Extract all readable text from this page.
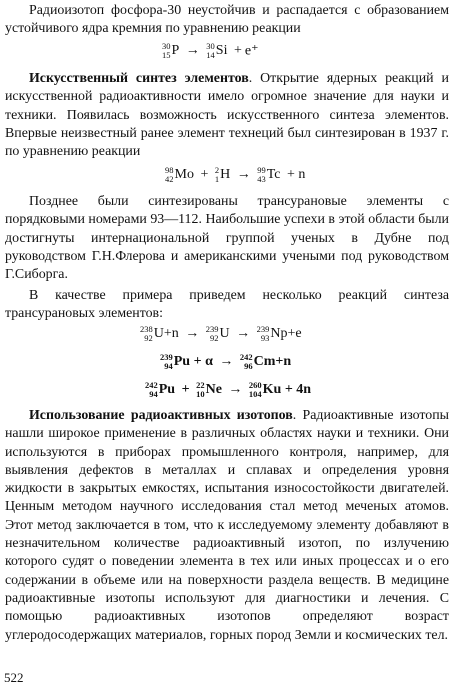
Радиоизотоп фосфора-30 неустойчив и распадается с образованием устойчивого ядра кремния по уравнению реакции

30
15 P → 30
14 Si + e⁺

Искусственный синтез элементов. Открытие ядерных реакций и искусственной радиоактивности имело огромное значение для науки и техники. Появилась возможность искусственного синтеза элементов. Впервые неизвестный ранее элемент технеций был синтезирован в 1937 г. по уравнению реакции

98
42 Mo + 2
1 H → 99
43 Tc + n

Позднее были синтезированы трансурановые элементы с порядковыми номерами 93—112. Наибольшие успехи в этой области были достигнуты интернациональной группой ученых в Дубне под руководством Г.Н.Флерова и американскими учеными под руководством Г.Сиборга.

В качестве примера приведем несколько реакций синтеза трансурановых элементов:

238
92 U+n → 239
92 U → 239
93 Np+e
239
94 Pu + α → 242
96 Cm+n
242
94 Pu + 22
10 Ne → 260
104 Ku + 4n

Использование радиоактивных изотопов. Радиоактивные изотопы нашли широкое применение в различных областях науки и техники. Они используются в приборах промышленного контроля, например, для выявления дефектов в металлах и сплавах и определения уровня жидкости в закрытых емкостях, испытания износостойкости двигателей. Ценным методом научного исследования стал метод меченых атомов. Этот метод заключается в том, что к исследуемому элементу добавляют в незначительном количестве радиоактивный изотоп, по излучению которого судят о поведении элемента в тех или иных процессах и о его содержании в объеме или на поверхности раздела веществ. В медицине радиоактивные изотопы используют для диагностики и лечения. С помощью радиоактивных изотопов определяют возраст углеродосодержащих материалов, горных пород Земли и космических тел.

522
